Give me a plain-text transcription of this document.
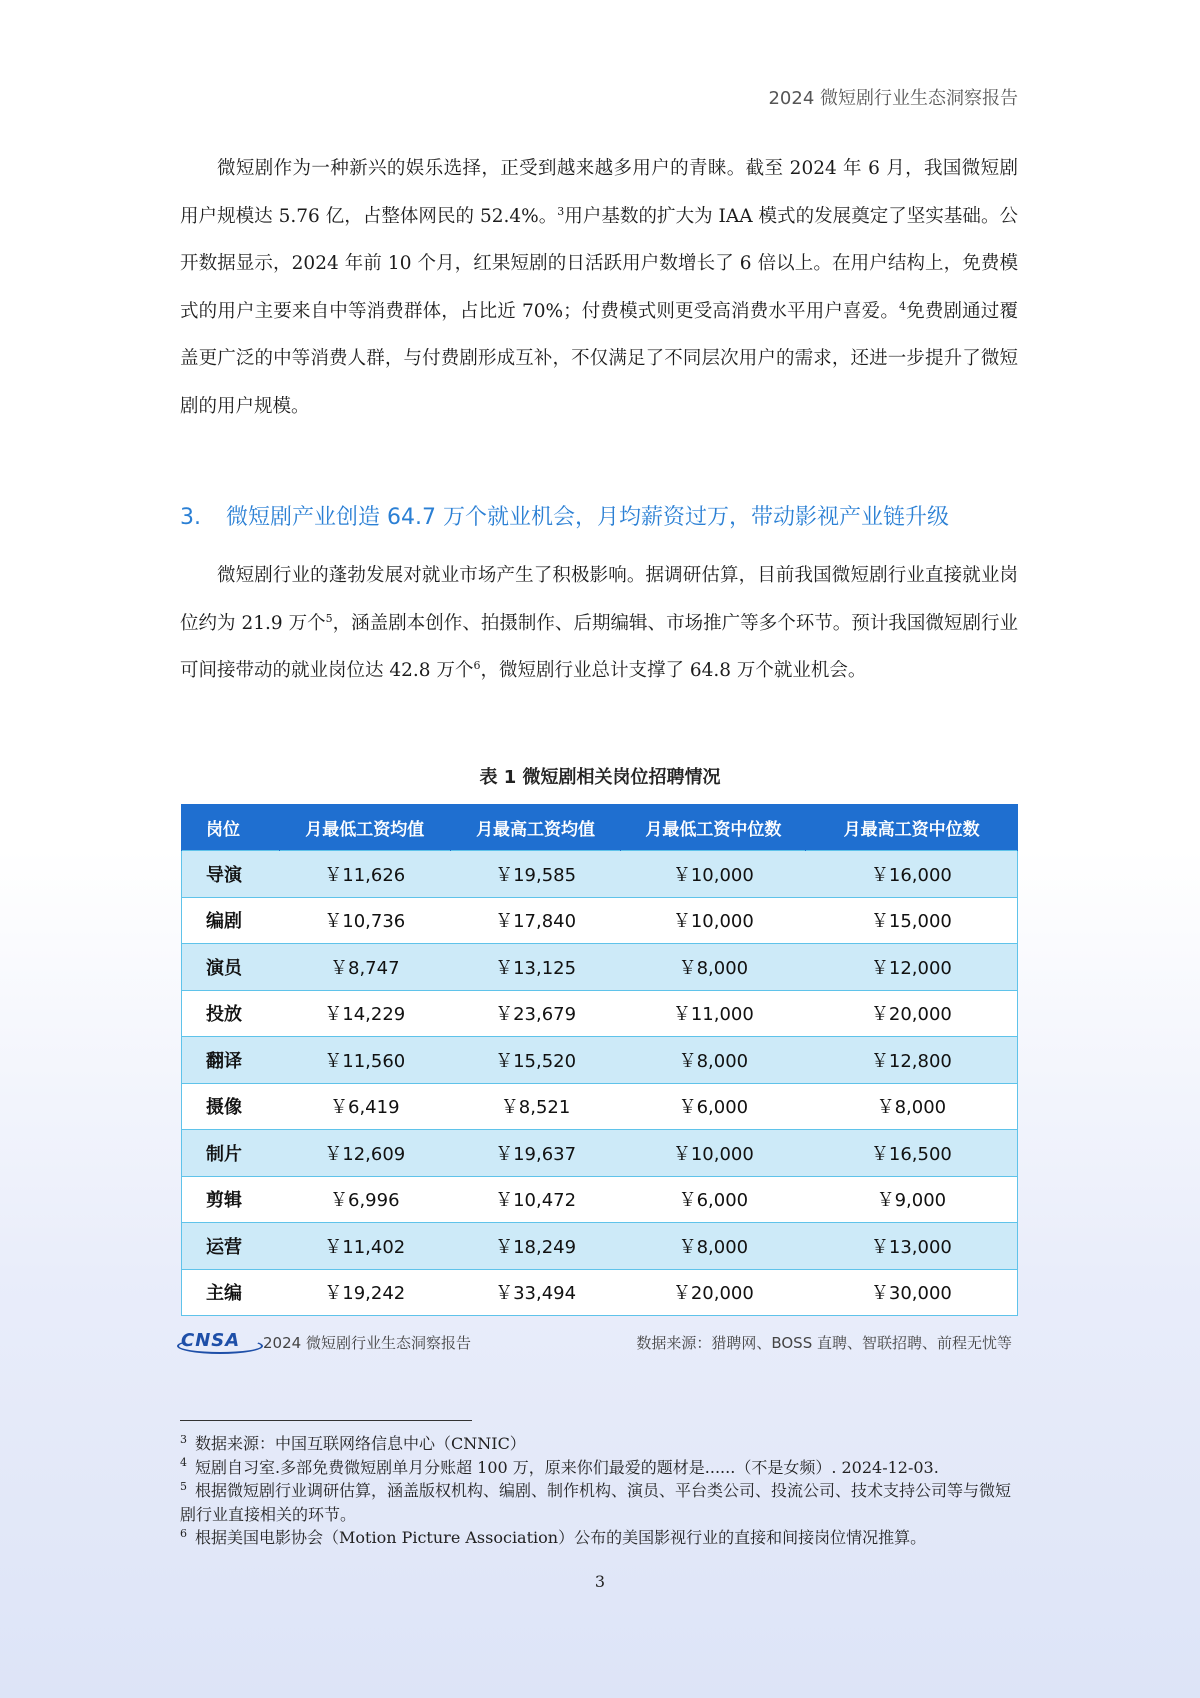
2024 微短剧行业生态洞察报告

微短剧作为一种新兴的娱乐选择，正受到越来越多用户的青睐。截至 2024 年 6 月，我国微短剧用户规模达 5.76 亿，占整体网民的 52.4%。$^3$用户基数的扩大为 IAA 模式的发展奠定了坚实基础。公开数据显示，2024 年前 10 个月，红果短剧的日活跃用户数增长了 6 倍以上。在用户结构上，免费模式的用户主要来自中等消费群体，占比近 70%；付费模式则更受高消费水平用户喜爱。$^4$免费剧通过覆盖更广泛的中等消费人群，与付费剧形成互补，不仅满足了不同层次用户的需求，还进一步提升了微短剧的用户规模。

3. 微短剧产业创造 64.7 万个就业机会，月均薪资过万，带动影视产业链升级

微短剧行业的蓬勃发展对就业市场产生了积极影响。据调研估算，目前我国微短剧行业直接就业岗位约为 21.9 万个$^5$，涵盖剧本创作、拍摄制作、后期编辑、市场推广等多个环节。预计我国微短剧行业可间接带动的就业岗位达 42.8 万个$^6$，微短剧行业总计支撑了 64.8 万个就业机会。

表 1 微短剧相关岗位招聘情况
岗位	月最低工资均值	月最高工资均值	月最低工资中位数	月最高工资中位数
导演	￥11,626	￥19,585	￥10,000	￥16,000
编剧	￥10,736	￥17,840	￥10,000	￥15,000
演员	￥8,747	￥13,125	￥8,000	￥12,000
投放	￥14,229	￥23,679	￥11,000	￥20,000
翻译	￥11,560	￥15,520	￥8,000	￥12,800
摄像	￥6,419	￥8,521	￥6,000	￥8,000
制片	￥12,609	￥19,637	￥10,000	￥16,500
剪辑	￥6,996	￥10,472	￥6,000	￥9,000
运营	￥11,402	￥18,249	￥8,000	￥13,000
主编	￥19,242	￥33,494	￥20,000	￥30,000
CNSA	2024 微短剧行业生态洞察报告	数据来源：猎聘网、BOSS 直聘、智联招聘、前程无忧等

$^3$ 数据来源：中国互联网络信息中心（CNNIC）

$^4$ 短剧自习室.多部免费微短剧单月分账超 100 万，原来你们最爱的题材是......（不是女频）. 2024-12-03.

$^5$ 根据微短剧行业调研估算，涵盖版权机构、编剧、制作机构、演员、平台类公司、投流公司、技术支持公司等与微短剧行业直接相关的环节。

$^6$ 根据美国电影协会（Motion Picture Association）公布的美国影视行业的直接和间接岗位情况推算。

3
